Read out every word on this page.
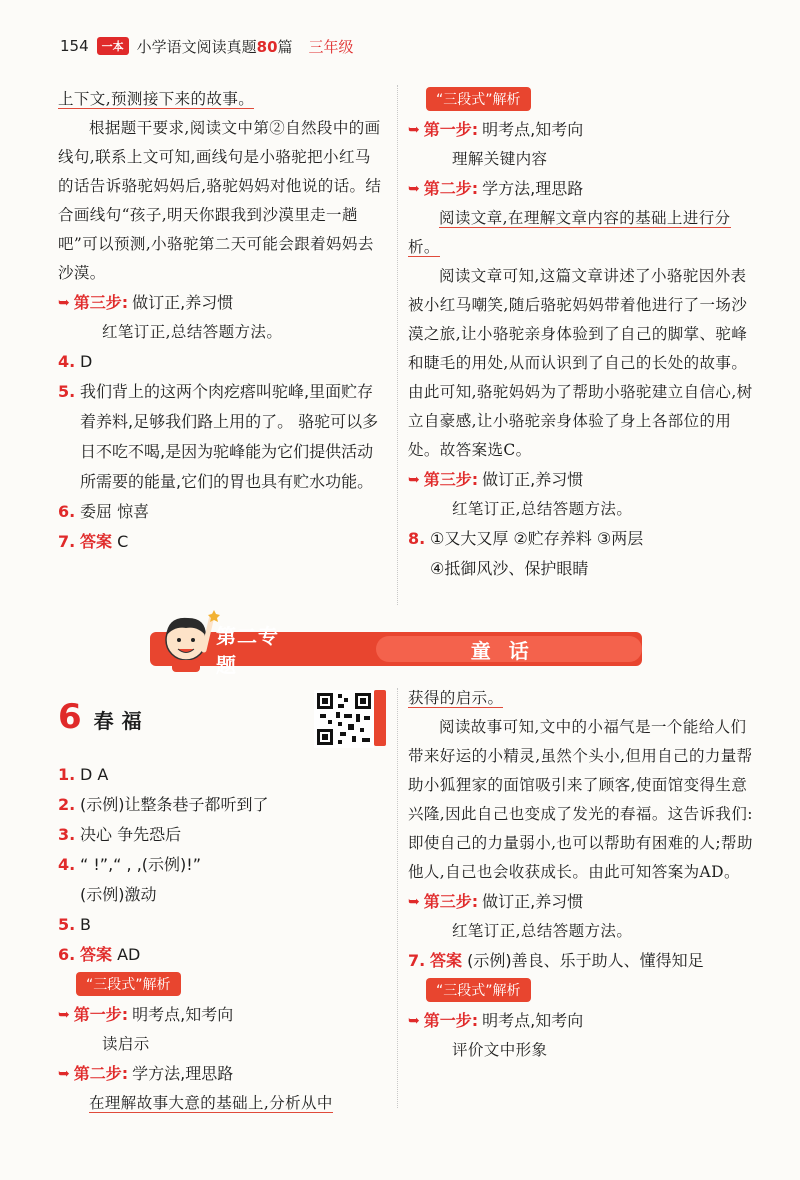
154	一本 小学语文阅读真题80篇 三年级
上下文,预测接下来的故事。
根据题干要求,阅读文中第②自然段中的画线句,联系上文可知,画线句是小骆驼把小红马的话告诉骆驼妈妈后,骆驼妈妈对他说的话。结合画线句“孩子,明天你跟我到沙漠里走一趟吧”可以预测,小骆驼第二天可能会跟着妈妈去沙漠。
➥ 第三步: 做订正,养习惯
红笔订正,总结答题方法。
4. D
5. 我们背上的这两个肉疙瘩叫驼峰,里面贮存着养料,足够我们路上用的了。 骆驼可以多日不吃不喝,是因为驼峰能为它们提供活动所需要的能量,它们的胃也具有贮水功能。
6. 委屈 惊喜
7. 答案 C
“三段式”解析
➥ 第一步: 明考点,知考向
理解关键内容
➥ 第二步: 学方法,理思路
阅读文章,在理解文章内容的基础上进行分析。
阅读文章可知,这篇文章讲述了小骆驼因外表被小红马嘲笑,随后骆驼妈妈带着他进行了一场沙漠之旅,让小骆驼亲身体验到了自己的脚掌、驼峰和睫毛的用处,从而认识到了自己的长处的故事。由此可知,骆驼妈妈为了帮助小骆驼建立自信心,树立自豪感,让小骆驼亲身体验了身上各部位的用处。故答案选C。
➥ 第三步: 做订正,养习惯
红笔订正,总结答题方法。
8. ①又大又厚 ②贮存养料 ③两层
④抵御风沙、保护眼睛
第二专题
童话
6 春福
1. D A
2. (示例)让整条巷子都听到了
3. 决心 争先恐后
4. “ !”,“ , ,(示例)!”
(示例)激动
5. B
6. 答案 AD
“三段式”解析
➥ 第一步: 明考点,知考向
读启示
➥ 第二步: 学方法,理思路
在理解故事大意的基础上,分析从中
获得的启示。
阅读故事可知,文中的小福气是一个能给人们带来好运的小精灵,虽然个头小,但用自己的力量帮助小狐狸家的面馆吸引来了顾客,使面馆变得生意兴隆,因此自己也变成了发光的春福。这告诉我们:即使自己的力量弱小,也可以帮助有困难的人;帮助他人,自己也会收获成长。由此可知答案为AD。
➥ 第三步: 做订正,养习惯
红笔订正,总结答题方法。
7. 答案 (示例)善良、乐于助人、懂得知足
“三段式”解析
➥ 第一步: 明考点,知考向
评价文中形象
